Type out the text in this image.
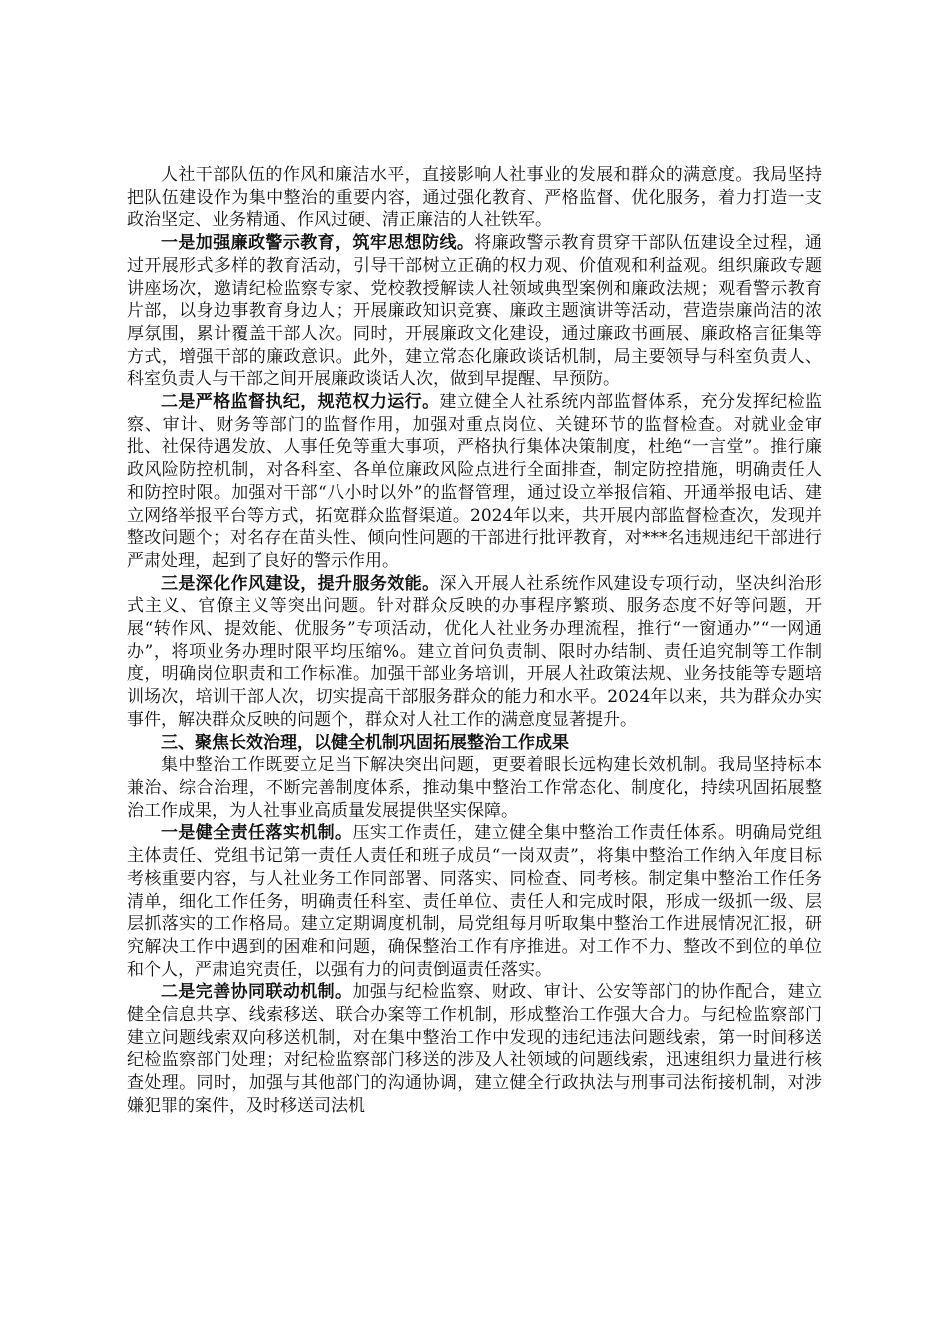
人社干部队伍的作风和廉洁水平，直接影响人社事业的发展和群众的满意度。我局坚持把队伍建设作为集中整治的重要内容，通过强化教育、严格监督、优化服务，着力打造一支政治坚定、业务精通、作风过硬、清正廉洁的人社铁军。

一是加强廉政警示教育，筑牢思想防线。将廉政警示教育贯穿干部队伍建设全过程，通过开展形式多样的教育活动，引导干部树立正确的权力观、价值观和利益观。组织廉政专题讲座场次，邀请纪检监察专家、党校教授解读人社领域典型案例和廉政法规；观看警示教育片部，以身边事教育身边人；开展廉政知识竞赛、廉政主题演讲等活动，营造崇廉尚洁的浓厚氛围，累计覆盖干部人次。同时，开展廉政文化建设，通过廉政书画展、廉政格言征集等方式，增强干部的廉政意识。此外，建立常态化廉政谈话机制，局主要领导与科室负责人、科室负责人与干部之间开展廉政谈话人次，做到早提醒、早预防。

二是严格监督执纪，规范权力运行。建立健全人社系统内部监督体系，充分发挥纪检监察、审计、财务等部门的监督作用，加强对重点岗位、关键环节的监督检查。对就业金审批、社保待遇发放、人事任免等重大事项，严格执行集体决策制度，杜绝“一言堂”。推行廉政风险防控机制，对各科室、各单位廉政风险点进行全面排查，制定防控措施，明确责任人和防控时限。加强对干部“八小时以外”的监督管理，通过设立举报信箱、开通举报电话、建立网络举报平台等方式，拓宽群众监督渠道。2024年以来，共开展内部监督检查次，发现并整改问题个；对名存在苗头性、倾向性问题的干部进行批评教育，对***名违规违纪干部进行严肃处理，起到了良好的警示作用。

三是深化作风建设，提升服务效能。深入开展人社系统作风建设专项行动，坚决纠治形式主义、官僚主义等突出问题。针对群众反映的办事程序繁琐、服务态度不好等问题，开展“转作风、提效能、优服务”专项活动，优化人社业务办理流程，推行“一窗通办”“一网通办”，将项业务办理时限平均压缩%。建立首问负责制、限时办结制、责任追究制等工作制度，明确岗位职责和工作标准。加强干部业务培训，开展人社政策法规、业务技能等专题培训场次，培训干部人次，切实提高干部服务群众的能力和水平。2024年以来，共为群众办实事件，解决群众反映的问题个，群众对人社工作的满意度显著提升。

三、聚焦长效治理，以健全机制巩固拓展整治工作成果

集中整治工作既要立足当下解决突出问题，更要着眼长远构建长效机制。我局坚持标本兼治、综合治理，不断完善制度体系，推动集中整治工作常态化、制度化，持续巩固拓展整治工作成果，为人社事业高质量发展提供坚实保障。

一是健全责任落实机制。压实工作责任，建立健全集中整治工作责任体系。明确局党组主体责任、党组书记第一责任人责任和班子成员“一岗双责”，将集中整治工作纳入年度目标考核重要内容，与人社业务工作同部署、同落实、同检查、同考核。制定集中整治工作任务清单，细化工作任务，明确责任科室、责任单位、责任人和完成时限，形成一级抓一级、层层抓落实的工作格局。建立定期调度机制，局党组每月听取集中整治工作进展情况汇报，研究解决工作中遇到的困难和问题，确保整治工作有序推进。对工作不力、整改不到位的单位和个人，严肃追究责任，以强有力的问责倒逼责任落实。

二是完善协同联动机制。加强与纪检监察、财政、审计、公安等部门的协作配合，建立健全信息共享、线索移送、联合办案等工作机制，形成整治工作强大合力。与纪检监察部门建立问题线索双向移送机制，对在集中整治工作中发现的违纪违法问题线索，第一时间移送纪检监察部门处理；对纪检监察部门移送的涉及人社领域的问题线索，迅速组织力量进行核查处理。同时，加强与其他部门的沟通协调，建立健全行政执法与刑事司法衔接机制，对涉嫌犯罪的案件，及时移送司法机
